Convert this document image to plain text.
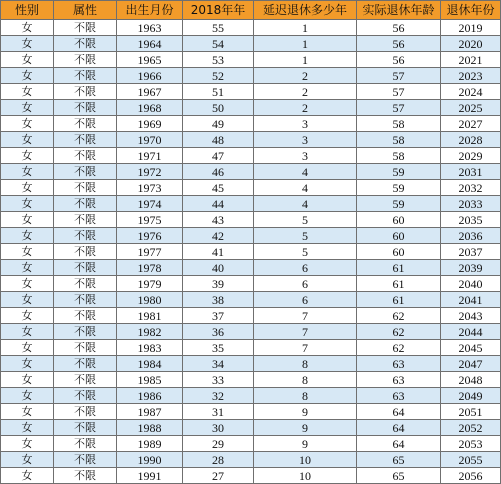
性别	属性	出生月份	2018年年	延迟退休多少年	实际退休年龄	退休年份
女	不限	1963	55	1	56	2019
女	不限	1964	54	1	56	2020
女	不限	1965	53	1	56	2021
女	不限	1966	52	2	57	2023
女	不限	1967	51	2	57	2024
女	不限	1968	50	2	57	2025
女	不限	1969	49	3	58	2027
女	不限	1970	48	3	58	2028
女	不限	1971	47	3	58	2029
女	不限	1972	46	4	59	2031
女	不限	1973	45	4	59	2032
女	不限	1974	44	4	59	2033
女	不限	1975	43	5	60	2035
女	不限	1976	42	5	60	2036
女	不限	1977	41	5	60	2037
女	不限	1978	40	6	61	2039
女	不限	1979	39	6	61	2040
女	不限	1980	38	6	61	2041
女	不限	1981	37	7	62	2043
女	不限	1982	36	7	62	2044
女	不限	1983	35	7	62	2045
女	不限	1984	34	8	63	2047
女	不限	1985	33	8	63	2048
女	不限	1986	32	8	63	2049
女	不限	1987	31	9	64	2051
女	不限	1988	30	9	64	2052
女	不限	1989	29	9	64	2053
女	不限	1990	28	10	65	2055
女	不限	1991	27	10	65	2056
